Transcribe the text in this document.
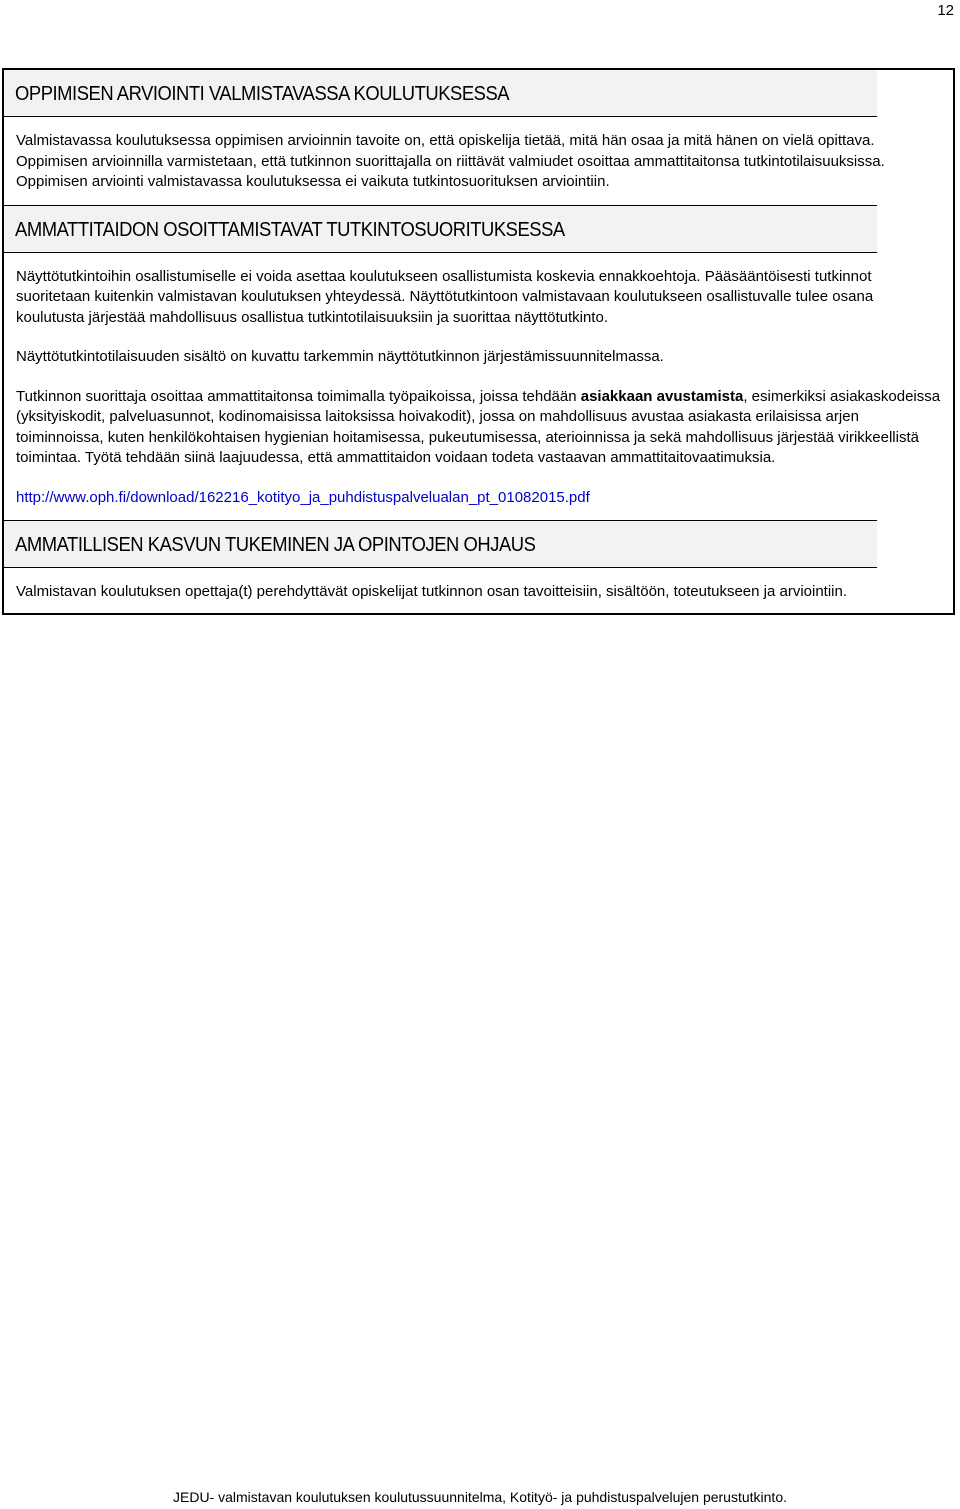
12
OPPIMISEN ARVIOINTI VALMISTAVASSA KOULUTUKSESSA

Valmistavassa koulutuksessa oppimisen arvioinnin tavoite on, että opiskelija tietää, mitä hän osaa ja mitä hänen on vielä opittava. Oppimisen arvioinnilla varmistetaan, että tutkinnon suorittajalla on riittävät valmiudet osoittaa ammattitaitonsa tutkintotilaisuuksissa. Oppimisen arviointi valmistavassa koulutuksessa ei vaikuta tutkintosuorituksen arviointiin.

AMMATTITAIDON OSOITTAMISTAVAT TUTKINTOSUORITUKSESSA

Näyttötutkintoihin osallistumiselle ei voida asettaa koulutukseen osallistumista koskevia ennakkoehtoja. Pääsääntöisesti tutkinnot suoritetaan kuitenkin valmistavan koulutuksen yhteydessä. Näyttötutkintoon valmistavaan koulutukseen osallistuvalle tulee osana koulutusta järjestää mahdollisuus osallistua tutkintotilaisuuksiin ja suorittaa näyttötutkinto.

Näyttötutkintotilaisuuden sisältö on kuvattu tarkemmin näyttötutkinnon järjestämissuunnitelmassa.

Tutkinnon suorittaja osoittaa ammattitaitonsa toimimalla työpaikoissa, joissa tehdään asiakkaan avustamista, esimerkiksi asiakaskodeissa (yksityiskodit, palveluasunnot, kodinomaisissa laitoksissa hoivakodit), jossa on mahdollisuus avustaa asiakasta erilaisissa arjen toiminnoissa, kuten henkilökohtaisen hygienian hoitamisessa, pukeutumisessa, aterioinnissa ja sekä mahdollisuus järjestää virikkeellistä toimintaa. Työtä tehdään siinä laajuudessa, että ammattitaidon voidaan todeta vastaavan ammattitaitovaatimuksia.

http://www.oph.fi/download/162216_kotityo_ja_puhdistuspalvelualan_pt_01082015.pdf

AMMATILLISEN KASVUN TUKEMINEN JA OPINTOJEN OHJAUS

Valmistavan koulutuksen opettaja(t) perehdyttävät opiskelijat tutkinnon osan tavoitteisiin, sisältöön, toteutukseen ja arviointiin.

JEDU- valmistavan koulutuksen koulutussuunnitelma, Kotityö- ja puhdistuspalvelujen perustutkinto.
